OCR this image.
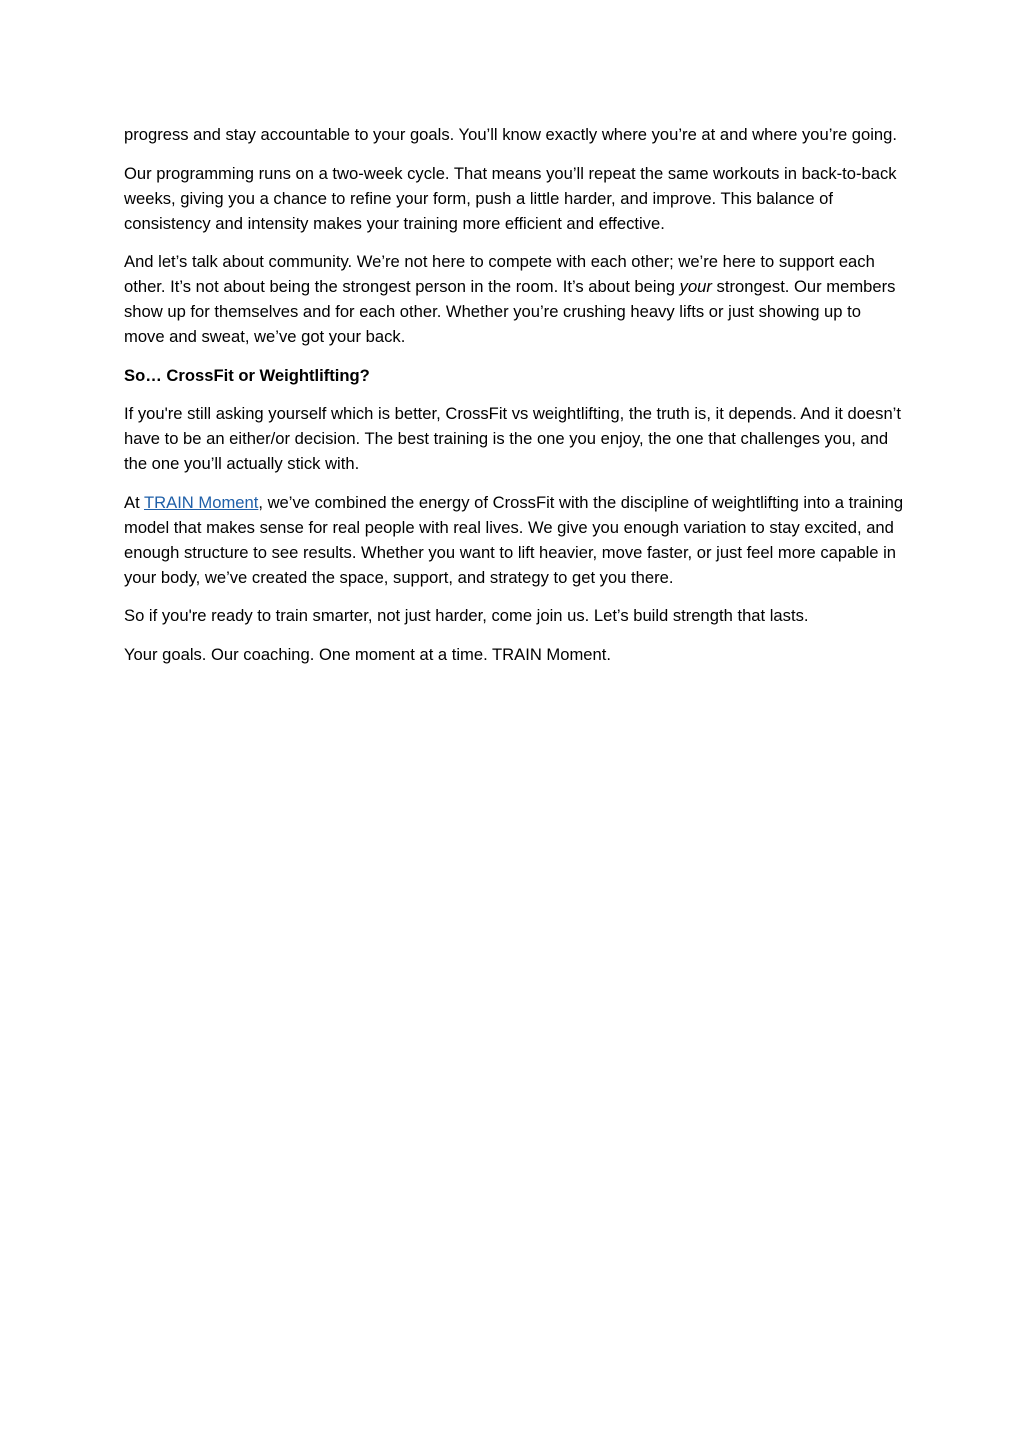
progress and stay accountable to your goals. You’ll know exactly where you’re at and where you’re going.

Our programming runs on a two-week cycle. That means you’ll repeat the same workouts in back-to-back weeks, giving you a chance to refine your form, push a little harder, and improve. This balance of consistency and intensity makes your training more efficient and effective.

And let’s talk about community. We’re not here to compete with each other; we’re here to support each other. It’s not about being the strongest person in the room. It’s about being your strongest. Our members show up for themselves and for each other. Whether you’re crushing heavy lifts or just showing up to move and sweat, we’ve got your back.

So… CrossFit or Weightlifting?

If you're still asking yourself which is better, CrossFit vs weightlifting, the truth is, it depends. And it doesn’t have to be an either/or decision. The best training is the one you enjoy, the one that challenges you, and the one you’ll actually stick with.

At TRAIN Moment, we’ve combined the energy of CrossFit with the discipline of weightlifting into a training model that makes sense for real people with real lives. We give you enough variation to stay excited, and enough structure to see results. Whether you want to lift heavier, move faster, or just feel more capable in your body, we’ve created the space, support, and strategy to get you there.

So if you're ready to train smarter, not just harder, come join us. Let’s build strength that lasts.

Your goals. Our coaching. One moment at a time. TRAIN Moment.
